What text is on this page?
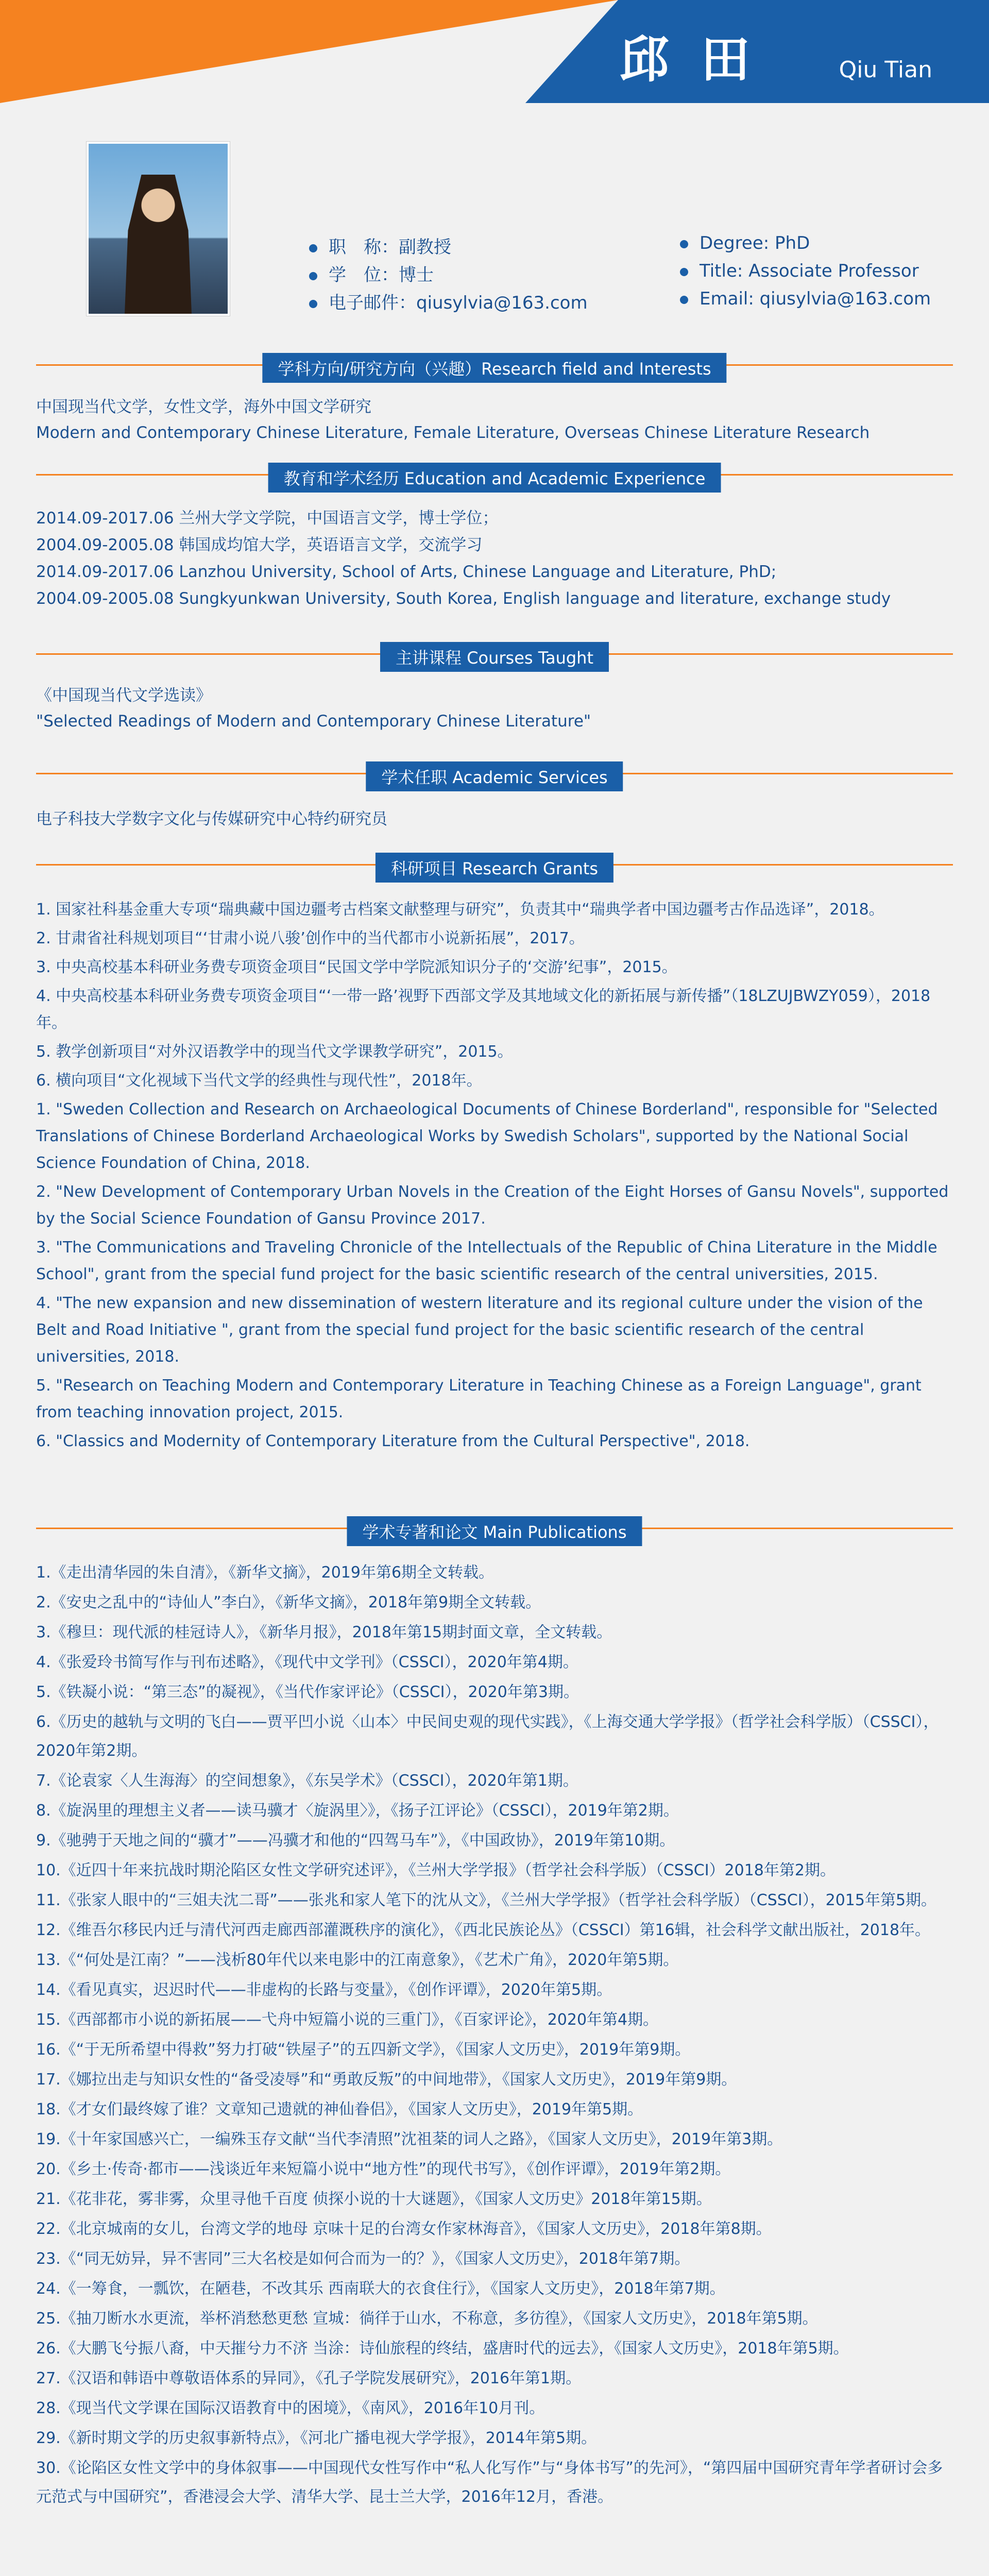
邱 田	Qiu Tian
职　称：副教授
学　位：博士
电子邮件：qiusylvia@163.com
Degree: PhD
Title: Associate Professor
Email: qiusylvia@163.com
学科方向/研究方向（兴趣）Research field and Interests

中国现当代文学，女性文学，海外中国文学研究

Modern and Contemporary Chinese Literature, Female Literature, Overseas Chinese Literature Research

教育和学术经历 Education and Academic Experience

2014.09-2017.06 兰州大学文学院，中国语言文学，博士学位；

2004.09-2005.08 韩国成均馆大学，英语语言文学，交流学习

2014.09-2017.06 Lanzhou University, School of Arts, Chinese Language and Literature, PhD;

2004.09-2005.08 Sungkyunkwan University, South Korea, English language and literature, exchange study

主讲课程 Courses Taught

《中国现当代文学选读》

"Selected Readings of Modern and Contemporary Chinese Literature"

学术任职 Academic Services

电子科技大学数字文化与传媒研究中心特约研究员

科研项目 Research Grants

1. 国家社科基金重大专项“瑞典藏中国边疆考古档案文献整理与研究”，负责其中“瑞典学者中国边疆考古作品选译”，2018。

2. 甘肃省社科规划项目“‘甘肃小说八骏’创作中的当代都市小说新拓展”，2017。

3. 中央高校基本科研业务费专项资金项目“民国文学中学院派知识分子的‘交游’纪事”，2015。

4. 中央高校基本科研业务费专项资金项目“‘一带一路’视野下西部文学及其地域文化的新拓展与新传播”（18LZUJBWZY059），2018年。

5. 教学创新项目“对外汉语教学中的现当代文学课教学研究”，2015。

6. 横向项目“文化视域下当代文学的经典性与现代性”，2018年。

1. "Sweden Collection and Research on Archaeological Documents of Chinese Borderland", responsible for "Selected Translations of Chinese Borderland Archaeological Works by Swedish Scholars", supported by the National Social Science Foundation of China, 2018.

2. "New Development of Contemporary Urban Novels in the Creation of the Eight Horses of Gansu Novels", supported by the Social Science Foundation of Gansu Province 2017.

3. "The Communications and Traveling Chronicle of the Intellectuals of the Republic of China Literature in the Middle School", grant from the special fund project for the basic scientific research of the central universities, 2015.

4. "The new expansion and new dissemination of western literature and its regional culture under the vision of the Belt and Road Initiative ", grant from the special fund project for the basic scientific research of the central universities, 2018.

5. "Research on Teaching Modern and Contemporary Literature in Teaching Chinese as a Foreign Language", grant from teaching innovation project, 2015.

6. "Classics and Modernity of Contemporary Literature from the Cultural Perspective", 2018.

学术专著和论文 Main Publications

1.《走出清华园的朱自清》，《新华文摘》，2019年第6期全文转载。

2.《安史之乱中的“诗仙人”李白》，《新华文摘》，2018年第9期全文转载。

3.《穆旦：现代派的桂冠诗人》，《新华月报》，2018年第15期封面文章，全文转载。

4.《张爱玲书简写作与刊布述略》，《现代中文学刊》（CSSCI），2020年第4期。

5.《铁凝小说：“第三态”的凝视》，《当代作家评论》（CSSCI），2020年第3期。

6.《历史的越轨与文明的飞白——贾平凹小说〈山本〉中民间史观的现代实践》，《上海交通大学学报》（哲学社会科学版）（CSSCI），2020年第2期。

7.《论袁家〈人生海海〉的空间想象》，《东吴学术》（CSSCI），2020年第1期。

8.《旋涡里的理想主义者——读马骥才〈旋涡里〉》，《扬子江评论》（CSSCI），2019年第2期。

9.《驰骋于天地之间的“骥才”——冯骥才和他的“四驾马车”》，《中国政协》，2019年第10期。

10.《近四十年来抗战时期沦陷区女性文学研究述评》，《兰州大学学报》（哲学社会科学版）（CSSCI）2018年第2期。

11.《张家人眼中的“三姐夫沈二哥”——张兆和家人笔下的沈从文》，《兰州大学学报》（哲学社会科学版）（CSSCI），2015年第5期。

12.《维吾尔移民内迁与清代河西走廊西部灌溉秩序的演化》，《西北民族论丛》（CSSCI）第16辑，社会科学文献出版社，2018年。

13.《“何处是江南？”——浅析80年代以来电影中的江南意象》，《艺术广角》，2020年第5期。

14.《看见真实，迟迟时代——非虚构的长路与变量》，《创作评谭》，2020年第5期。

15.《西部都市小说的新拓展——弋舟中短篇小说的三重门》，《百家评论》，2020年第4期。

16.《“于无所希望中得救”努力打破“铁屋子”的五四新文学》，《国家人文历史》，2019年第9期。

17.《娜拉出走与知识女性的“备受凌辱”和“勇敢反叛”的中间地带》，《国家人文历史》，2019年第9期。

18.《才女们最终嫁了谁？文章知己遗就的神仙眷侣》，《国家人文历史》，2019年第5期。

19.《十年家国感兴亡，一编殊玉存文献“当代李清照”沈祖棻的词人之路》，《国家人文历史》，2019年第3期。

20.《乡土·传奇·都市——浅谈近年来短篇小说中“地方性”的现代书写》，《创作评谭》，2019年第2期。

21.《花非花，雾非雾，众里寻他千百度 侦探小说的十大谜题》，《国家人文历史》2018年第15期。

22.《北京城南的女儿，台湾文学的地母 京味十足的台湾女作家林海音》，《国家人文历史》，2018年第8期。

23.《“同无妨异，异不害同”三大名校是如何合而为一的？》，《国家人文历史》，2018年第7期。

24.《一筹食，一瓢饮，在陋巷，不改其乐 西南联大的衣食住行》，《国家人文历史》，2018年第7期。

25.《抽刀断水水更流，举杯消愁愁更愁 宣城：徜徉于山水，不称意，多彷徨》，《国家人文历史》，2018年第5期。

26.《大鹏飞兮振八裔，中天摧兮力不济 当涂：诗仙旅程的终结，盛唐时代的远去》，《国家人文历史》，2018年第5期。

27.《汉语和韩语中尊敬语体系的异同》，《孔子学院发展研究》，2016年第1期。

28.《现当代文学课在国际汉语教育中的困境》，《南风》，2016年10月刊。

29.《新时期文学的历史叙事新特点》，《河北广播电视大学学报》，2014年第5期。

30.《论陷区女性文学中的身体叙事——中国现代女性写作中“私人化写作”与“身体书写”的先河》，“第四届中国研究青年学者研讨会多元范式与中国研究”，香港浸会大学、清华大学、昆士兰大学，2016年12月，香港。
